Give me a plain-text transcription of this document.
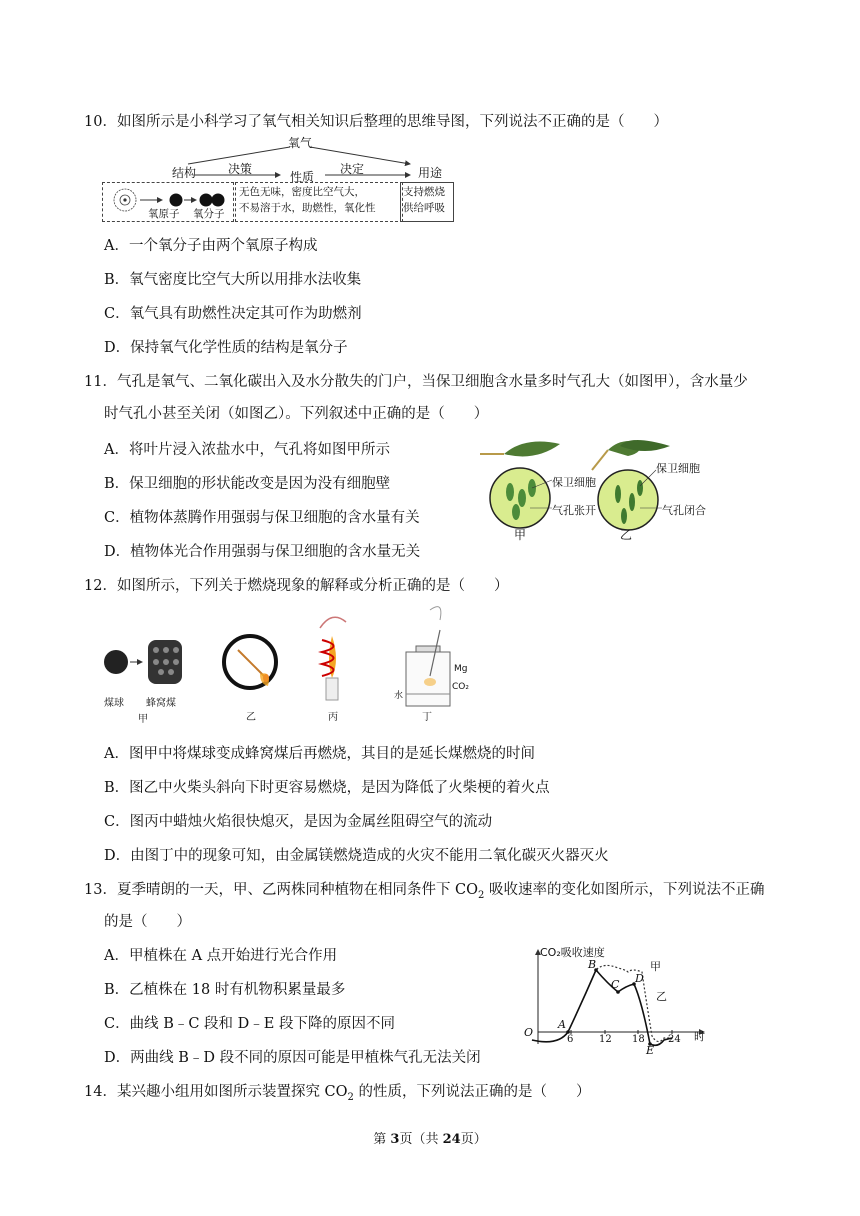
10．如图所示是小科学习了氧气相关知识后整理的思维导图，下列说法不正确的是（　　）
氧气
结构	决策
性质
决定	用途
氧原子 氧分子
无色无味，密度比空气大，
不易溶于水，助燃性，氧化性
支持燃烧
供给呼吸
A．一个氧分子由两个氧原子构成
B．氧气密度比空气大所以用排水法收集
C．氧气具有助燃性决定其可作为助燃剂
D．保持氧气化学性质的结构是氧分子
11．气孔是氧气、二氧化碳出入及水分散失的门户，当保卫细胞含水量多时气孔大（如图甲），含水量少
时气孔小甚至关闭（如图乙）。下列叙述中正确的是（　　）
A．将叶片浸入浓盐水中，气孔将如图甲所示
B．保卫细胞的形状能改变是因为没有细胞壁
C．植物体蒸腾作用强弱与保卫细胞的含水量有关
D．植物体光合作用强弱与保卫细胞的含水量无关
保卫细胞
气孔张开
保卫细胞
气孔闭合
甲	乙
12．如图所示，下列关于燃烧现象的解释或分析正确的是（　　）
煤球 蜂窝煤
甲	乙	丙	丁
Mg
CO₂
水
A．图甲中将煤球变成蜂窝煤后再燃烧，其目的是延长煤燃烧的时间
B．图乙中火柴头斜向下时更容易燃烧，是因为降低了火柴梗的着火点
C．图丙中蜡烛火焰很快熄灭，是因为金属丝阻碍空气的流动
D．由图丁中的现象可知，由金属镁燃烧造成的火灾不能用二氧化碳灭火器灭火
13．夏季晴朗的一天，甲、乙两株同种植物在相同条件下 $CO_2$ 吸收速率的变化如图所示，下列说法不正确
的是（　　）
A．甲植株在 A 点开始进行光合作用
B．乙植株在 18 时有机物积累量最多
C．曲线 B﹣C 段和 D﹣E 段下降的原因不同
D．两曲线 B﹣D 段不同的原因可能是甲植株气孔无法关闭
CO₂吸收速度
时
O
6	12 18 24
A
B
C D
E
甲
乙
14．某兴趣小组用如图所示装置探究 $CO_2$ 的性质，下列说法正确的是（　　）
第 3页（共 24页）
